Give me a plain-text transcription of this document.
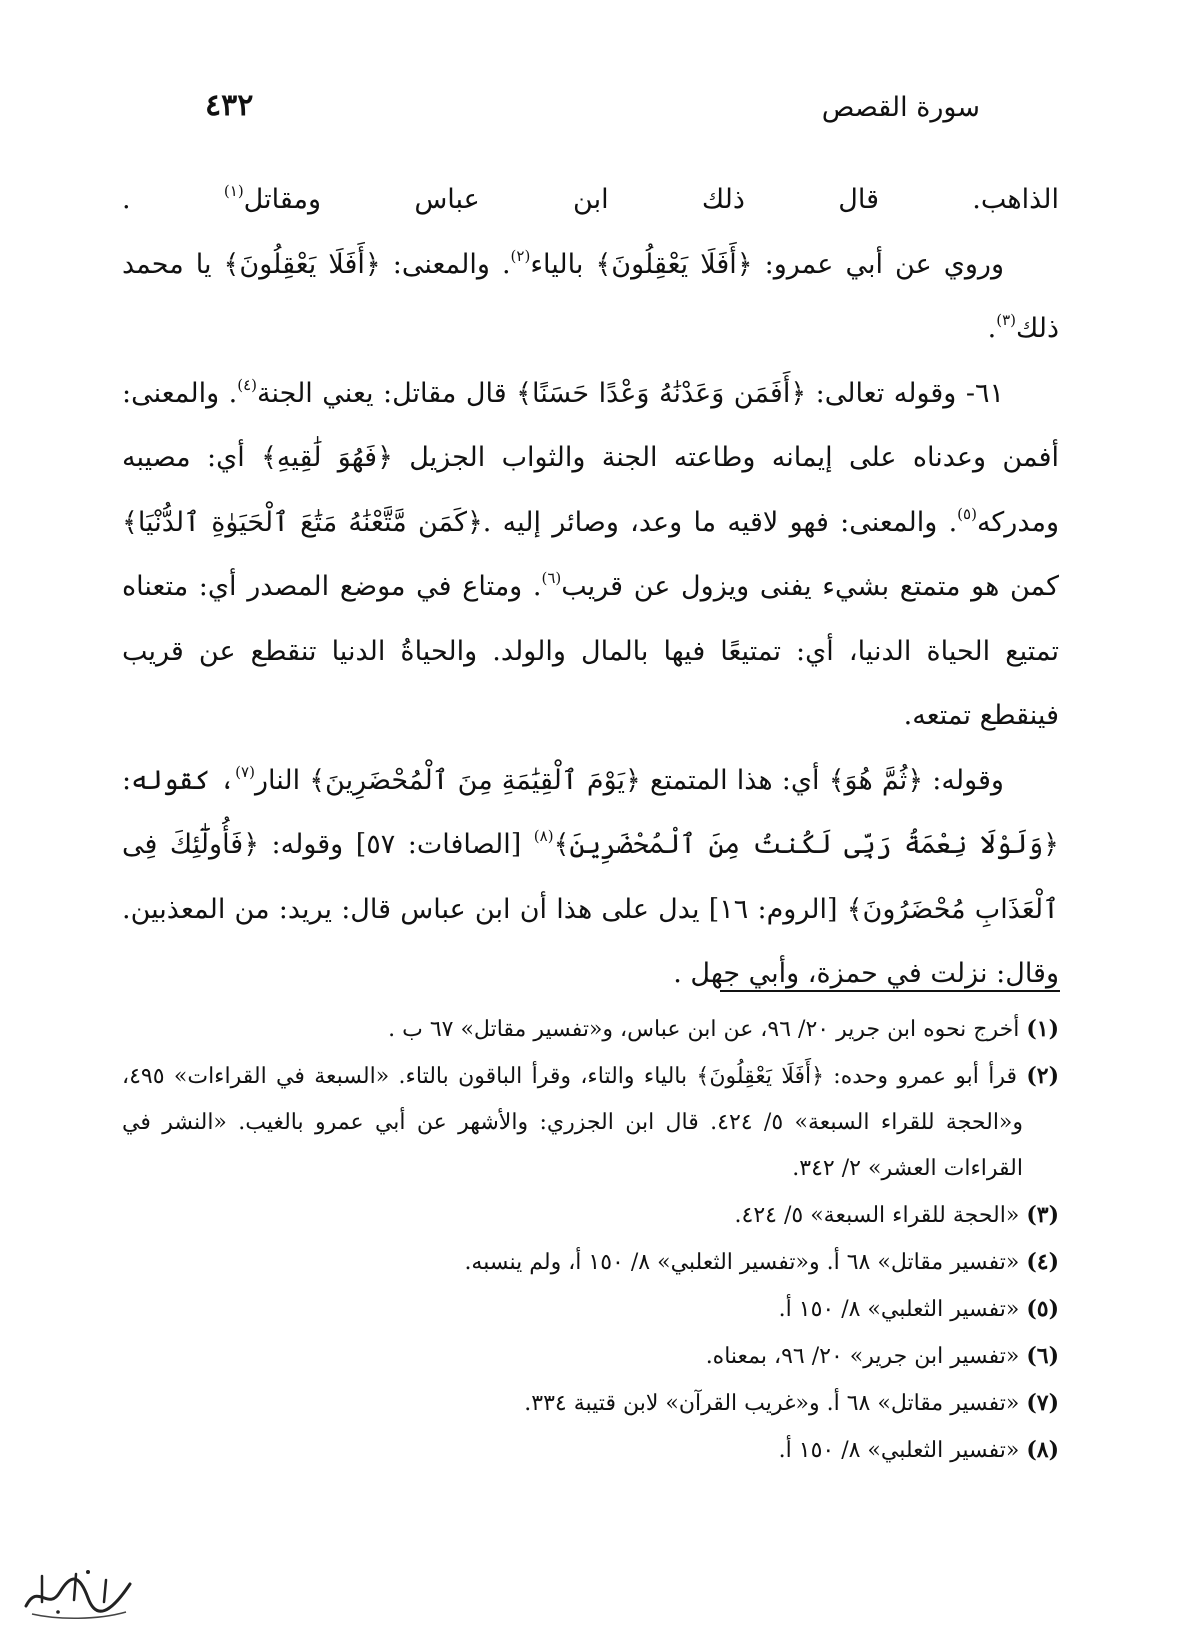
سورة القصص
٤٣٢

الذاهب. قال ذلك ابن عباس ومقاتل$^{(١)}$ .

وروي عن أبي عمرو: ﴿أَفَلَا يَعْقِلُونَ﴾ بالياء$^{(٢)}$. والمعنى: ﴿أَفَلَا يَعْقِلُونَ﴾ يا محمد ذلك$^{(٣)}$.

٦١- وقوله تعالى: ﴿أَفَمَن وَعَدْنَٰهُ وَعْدًا حَسَنًا﴾ قال مقاتل: يعني الجنة$^{(٤)}$. والمعنى: أفمن وعدناه على إيمانه وطاعته الجنة والثواب الجزيل ﴿فَهُوَ لَٰقِيهِ﴾ أي: مصيبه ومدركه$^{(٥)}$. والمعنى: فهو لاقيه ما وعد، وصائر إليه .﴿كَمَن مَّتَّعْنَٰهُ مَتَٰعَ ٱلْحَيَوٰةِ ٱلدُّنْيَا﴾ كمن هو متمتع بشيء يفنى ويزول عن قريب$^{(٦)}$. ومتاع في موضع المصدر أي: متعناه تمتيع الحياة الدنيا، أي: تمتيعًا فيها بالمال والولد. والحياةُ الدنيا تنقطع عن قريب فينقطع تمتعه.

وقوله: ﴿ثُمَّ هُوَ﴾ أي: هذا المتمتع ﴿يَوْمَ ٱلْقِيَٰمَةِ مِنَ ٱلْمُحْضَرِينَ﴾ النار$^{(٧)}$، كقوله: ﴿وَلَوْلَا نِعْمَةُ رَبِّى لَكُنتُ مِنَ ٱلْمُحْضَرِينَ﴾$^{(٨)}$ [الصافات: ٥٧] وقوله: ﴿فَأُولَٰٓئِكَ فِى ٱلْعَذَابِ مُحْضَرُونَ﴾ [الروم: ١٦] يدل على هذا أن ابن عباس قال: يريد: من المعذبين. وقال: نزلت في حمزة، وأبي جهل .

(١) أخرج نحوه ابن جرير ٢٠/ ٩٦، عن ابن عباس، و«تفسير مقاتل» ٦٧ ب .

(٢) قرأ أبو عمرو وحده: ﴿أَفَلَا يَعْقِلُونَ﴾ بالياء والتاء، وقرأ الباقون بالتاء. «السبعة في القراءات» ٤٩٥، و«الحجة للقراء السبعة» ٥/ ٤٢٤. قال ابن الجزري: والأشهر عن أبي عمرو بالغيب. «النشر في القراءات العشر» ٢/ ٣٤٢.

(٣) «الحجة للقراء السبعة» ٥/ ٤٢٤.

(٤) «تفسير مقاتل» ٦٨ أ. و«تفسير الثعلبي» ٨/ ١٥٠ أ، ولم ينسبه.

(٥) «تفسير الثعلبي» ٨/ ١٥٠ أ.

(٦) «تفسير ابن جرير» ٢٠/ ٩٦، بمعناه.

(٧) «تفسير مقاتل» ٦٨ أ. و«غريب القرآن» لابن قتيبة ٣٣٤.

(٨) «تفسير الثعلبي» ٨/ ١٥٠ أ.
